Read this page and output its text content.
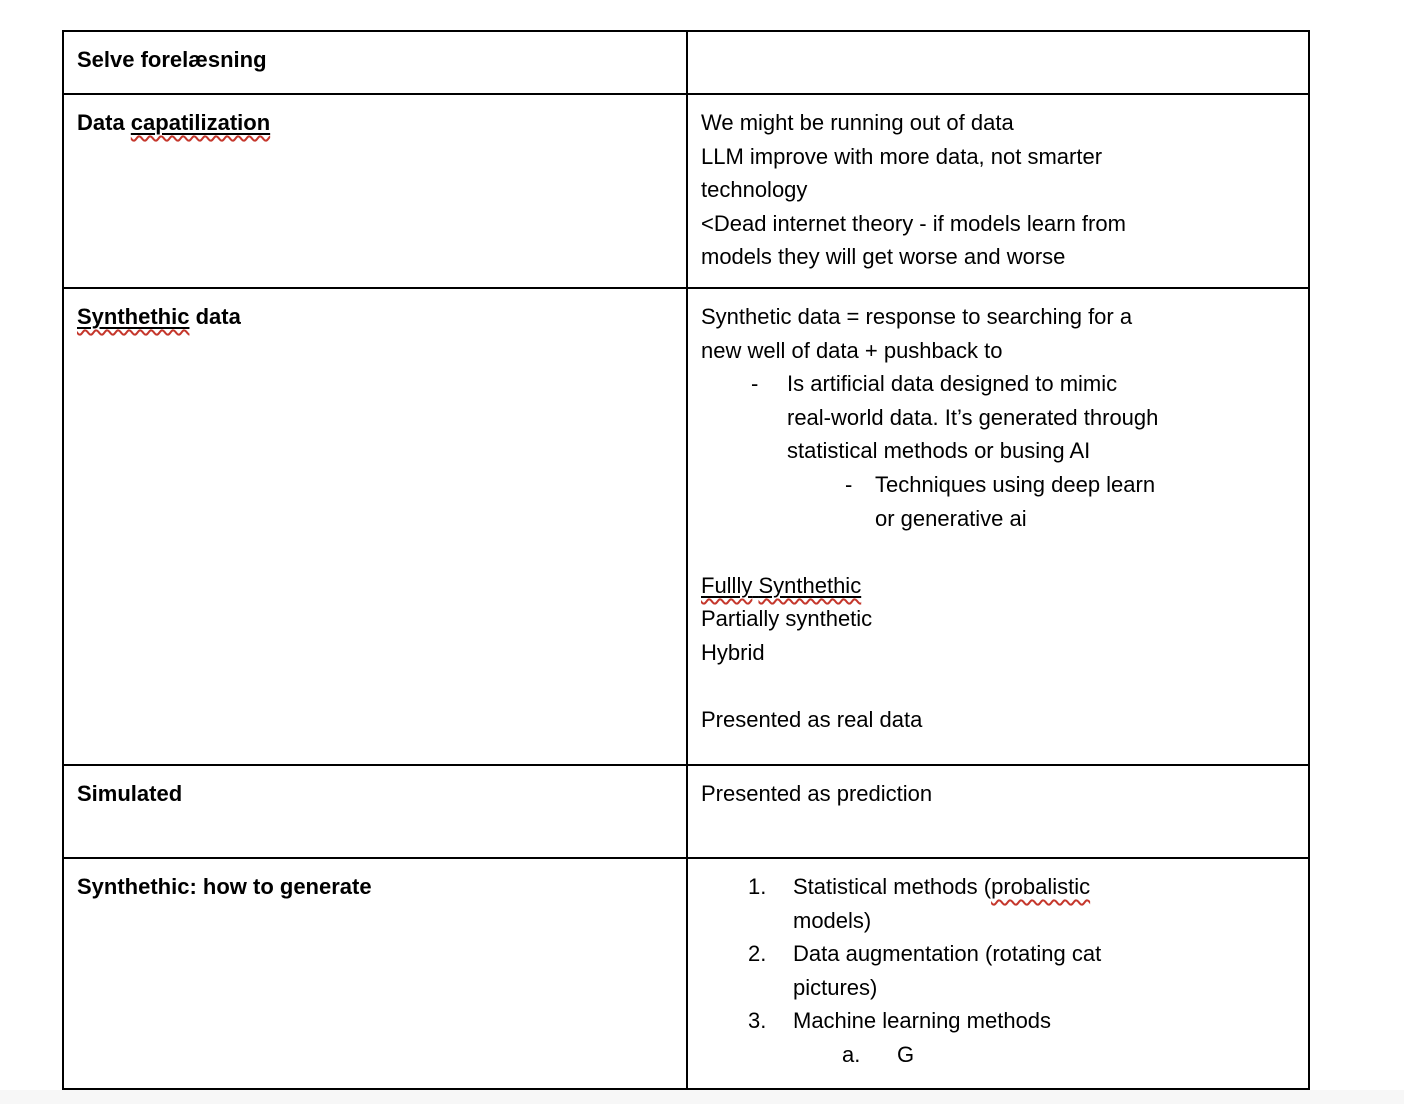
Selve forelæsning
Data capatilization	We might be running out of data
LLM improve with more data, not smarter
technology
<Dead internet theory - if models learn from
models they will get worse and worse
Synthethic data	Synthetic data = response to searching for a
new well of data + pushback to
- Is artificial data designed to mimic
real-world data. It’s generated through
statistical methods or busing AI
- Techniques using deep learn
or generative ai
Fullly Synthethic
Partially synthetic
Hybrid
Presented as real data
Simulated	Presented as prediction
Synthethic: how to generate	1. Statistical methods (probalistic
models)
2. Data augmentation (rotating cat
pictures)
3. Machine learning methods
a. G
